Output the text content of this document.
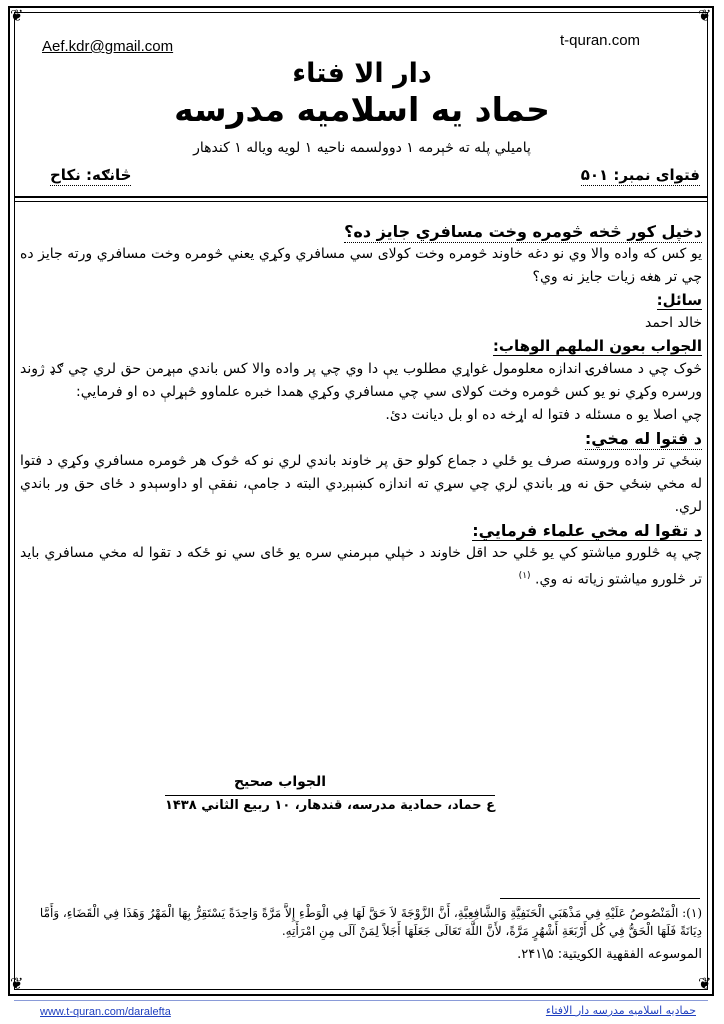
❦	❦
❦	❦
Aef.kdr@gmail.com	t-quran.com
دار الا فتاء
حماد یه اسلامیه مدرسه
پامیلي پله ته څېرمه ۱ دوولسمه ناحیه ۱ لویه ویاله ۱ کندهار
فتوای نمبر: ۵۰۱
څانګه: نکاح

دخپل کور څخه څومره وخت مسافري جایز ده؟

یو کس که واده والا وي نو دغه خاوند څومره وخت کولای سي مسافري وکړي یعني څومره وخت مسافري ورته جایز ده چي تر هغه زیات جایز نه وي؟

سائل:

خالد احمد

الجواب بعون الملهم الوهاب:

څوک چي د مسافرۍ اندازه معلومول غواړي مطلوب يې دا وي چي پر واده والا کس باندي مېړمن حق لري چي ګډ ژوند ورسره وکړي نو یو کس څومره وخت کولای سي چي مسافري وکړي همدا خبره علماوو څېړلې ده او فرمايي:

چي اصلا يو ه مسئله د فتوا له اړخه ده او بل ديانت دئ.

د فتوا له مخي:

ښځي تر واده وروسته صرف يو ځلي د جماع کولو حق پر خاوند باندي لري نو که څوک هر څومره مسافري وکړي د فتوا له مخي ښځي حق نه وړ باندي لري چي سړي ته اندازه کښېږدي البته د جامې، نفقې او داوسېدو د ځای حق ور باندي لري.

د تقوا له مخي علماء فرمايي:

چي په څلورو مياشتو کي يو ځلي حد اقل خاوند د خپلي مېرمني سره يو ځای سي نو ځکه د تقوا له مخي مسافري بايد تر څلورو مياشتو زياته نه وي. $^{(۱)}$

الجواب صحیح
ع حماد، حمادية مدرسه، قندهار، ۱۰ ربيع الثاني ۱۴۳۸

(۱): الْمَنْصُوصُ عَلَيْهِ فِي مَذْهَبَي الْحَنَفِيَّةِ وَالشَّافِعِيَّةِ، أَنَّ الزَّوْجَةَ لاَ حَقَّ لَهَا فِي الْوَطْءِ إِلاَّ مَرَّةً وَاحِدَةً يَسْتَقِرُّ بِهَا الْمَهْرُ وَهَذَا فِي الْقَضَاءِ، وَأَمَّا دِيَانَةً فَلَهَا الْحَقُّ فِي كُل أَرْبَعَةِ أَشْهُرٍ مَرَّةً، لأَنَّ اللَّهَ تَعَالَى جَعَلَهَا أَجَلاً لِمَنْ آلَى مِنِ امْرَأَتِهِ.

الموسوعه الفقهية الكويتية: ۵\۲۴۱.

www.t-quran.com/daralefta	حماديه اسلاميه مدرسه دار الافتاء
